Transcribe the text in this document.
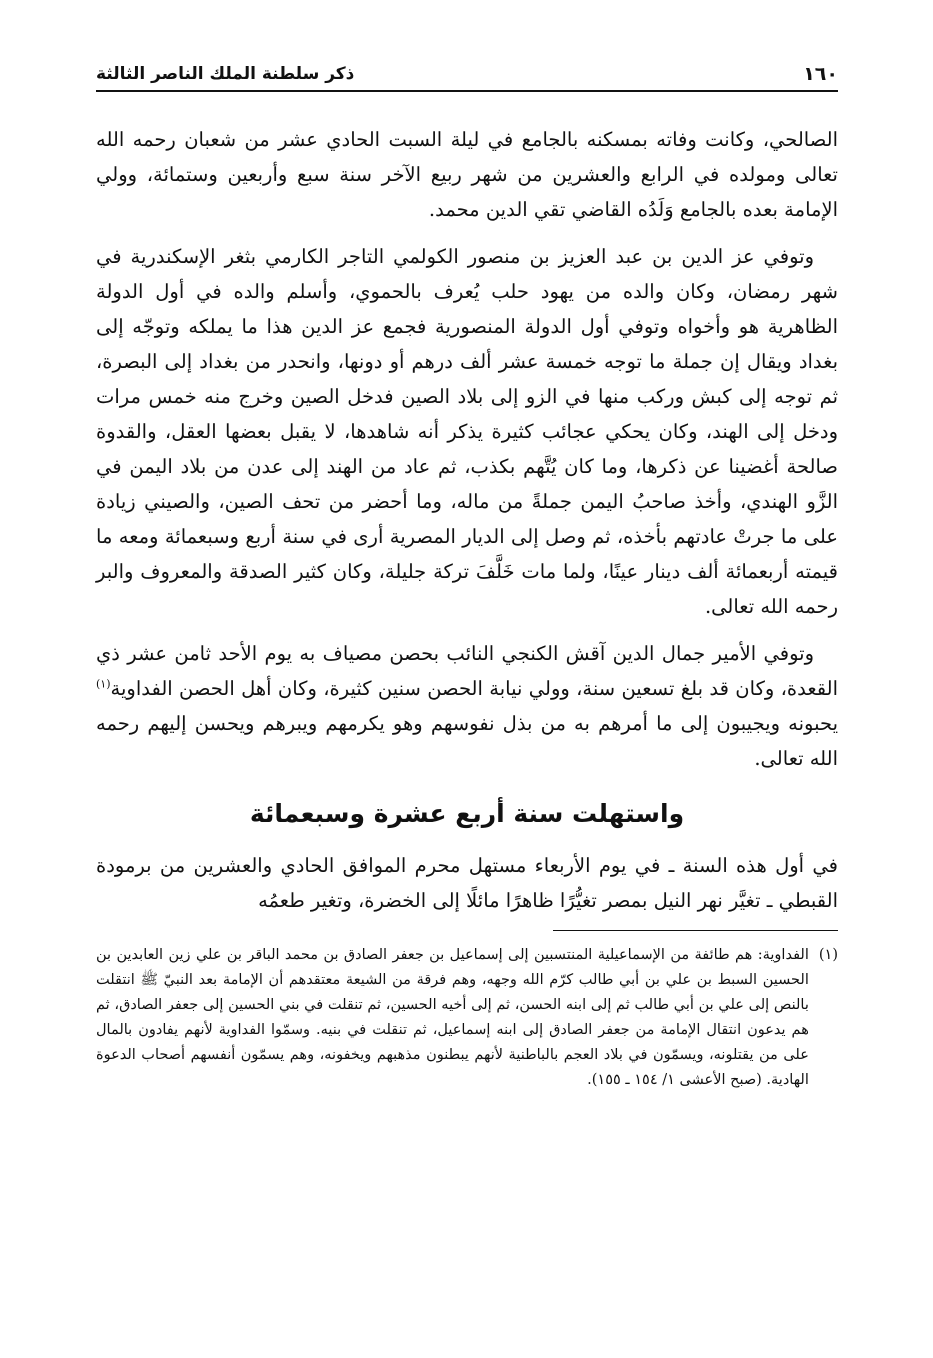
١٦٠
ذكر سلطنة الملك الناصر الثالثة

الصالحي، وكانت وفاته بمسكنه بالجامع في ليلة السبت الحادي عشر من شعبان رحمه الله تعالى ومولده في الرابع والعشرين من شهر ربيع الآخر سنة سبع وأربعين وستمائة، وولي الإمامة بعده بالجامع وَلَدُه القاضي تقي الدين محمد.

وتوفي عز الدين بن عبد العزيز بن منصور الكولمي التاجر الكارمي بثغر الإسكندرية في شهر رمضان، وكان والده من يهود حلب يُعرف بالحموي، وأسلم والده في أول الدولة الظاهرية هو وأخواه وتوفي أول الدولة المنصورية فجمع عز الدين هذا ما يملكه وتوجّه إلى بغداد ويقال إن جملة ما توجه خمسة عشر ألف درهم أو دونها، وانحدر من بغداد إلى البصرة، ثم توجه إلى كبش وركب منها في الزو إلى بلاد الصين فدخل الصين وخرج منه خمس مرات ودخل إلى الهند، وكان يحكي عجائب كثيرة يذكر أنه شاهدها، لا يقبل بعضها العقل، والقدوة صالحة أغضينا عن ذكرها، وما كان يُتَّهم بكذب، ثم عاد من الهند إلى عدن من بلاد اليمن في الزَّو الهندي، وأخذ صاحبُ اليمن جملةً من ماله، وما أحضر من تحف الصين، والصيني زيادة على ما جرتْ عادتهم بأخذه، ثم وصل إلى الديار المصرية أرى في سنة أربع وسبعمائة ومعه ما قيمته أربعمائة ألف دينار عينًا، ولما مات خَلَّفَ تركة جليلة، وكان كثير الصدقة والمعروف والبر رحمه الله تعالى.

وتوفي الأمير جمال الدين آقش الكنجي النائب بحصن مصياف به يوم الأحد ثامن عشر ذي القعدة، وكان قد بلغ تسعين سنة، وولي نيابة الحصن سنين كثيرة، وكان أهل الحصن الفداوية$^{(١)}$ يحبونه ويجيبون إلى ما أمرهم به من بذل نفوسهم وهو يكرمهم ويبرهم ويحسن إليهم رحمه الله تعالى.

واستهلت سنة أربع عشرة وسبعمائة

في أول هذه السنة ـ في يوم الأربعاء مستهل محرم الموافق الحادي والعشرين من برمودة القبطي ـ تغيَّر نهر النيل بمصر تغيُّرًا ظاهرًا مائلًا إلى الخضرة، وتغير طعمُه

(١)
الفداوية: هم طائفة من الإسماعيلية المنتسبين إلى إسماعيل بن جعفر الصادق بن محمد الباقر بن علي زين العابدين بن الحسين السبط بن علي بن أبي طالب كرّم الله وجهه، وهم فرقة من الشيعة معتقدهم أن الإمامة بعد النبيّ ﷺ انتقلت بالنص إلى علي بن أبي طالب ثم إلى ابنه الحسن، ثم إلى أخيه الحسين، ثم تنقلت في بني الحسين إلى جعفر الصادق، ثم هم يدعون انتقال الإمامة من جعفر الصادق إلى ابنه إسماعيل، ثم تنقلت في بنيه. وسمّوا الفداوية لأنهم يفادون بالمال على من يقتلونه، ويسمّون في بلاد العجم بالباطنية لأنهم يبطنون مذهبهم ويخفونه، وهم يسمّون أنفسهم أصحاب الدعوة الهادية. (صبح الأعشى ١/ ١٥٤ ـ ١٥٥).
